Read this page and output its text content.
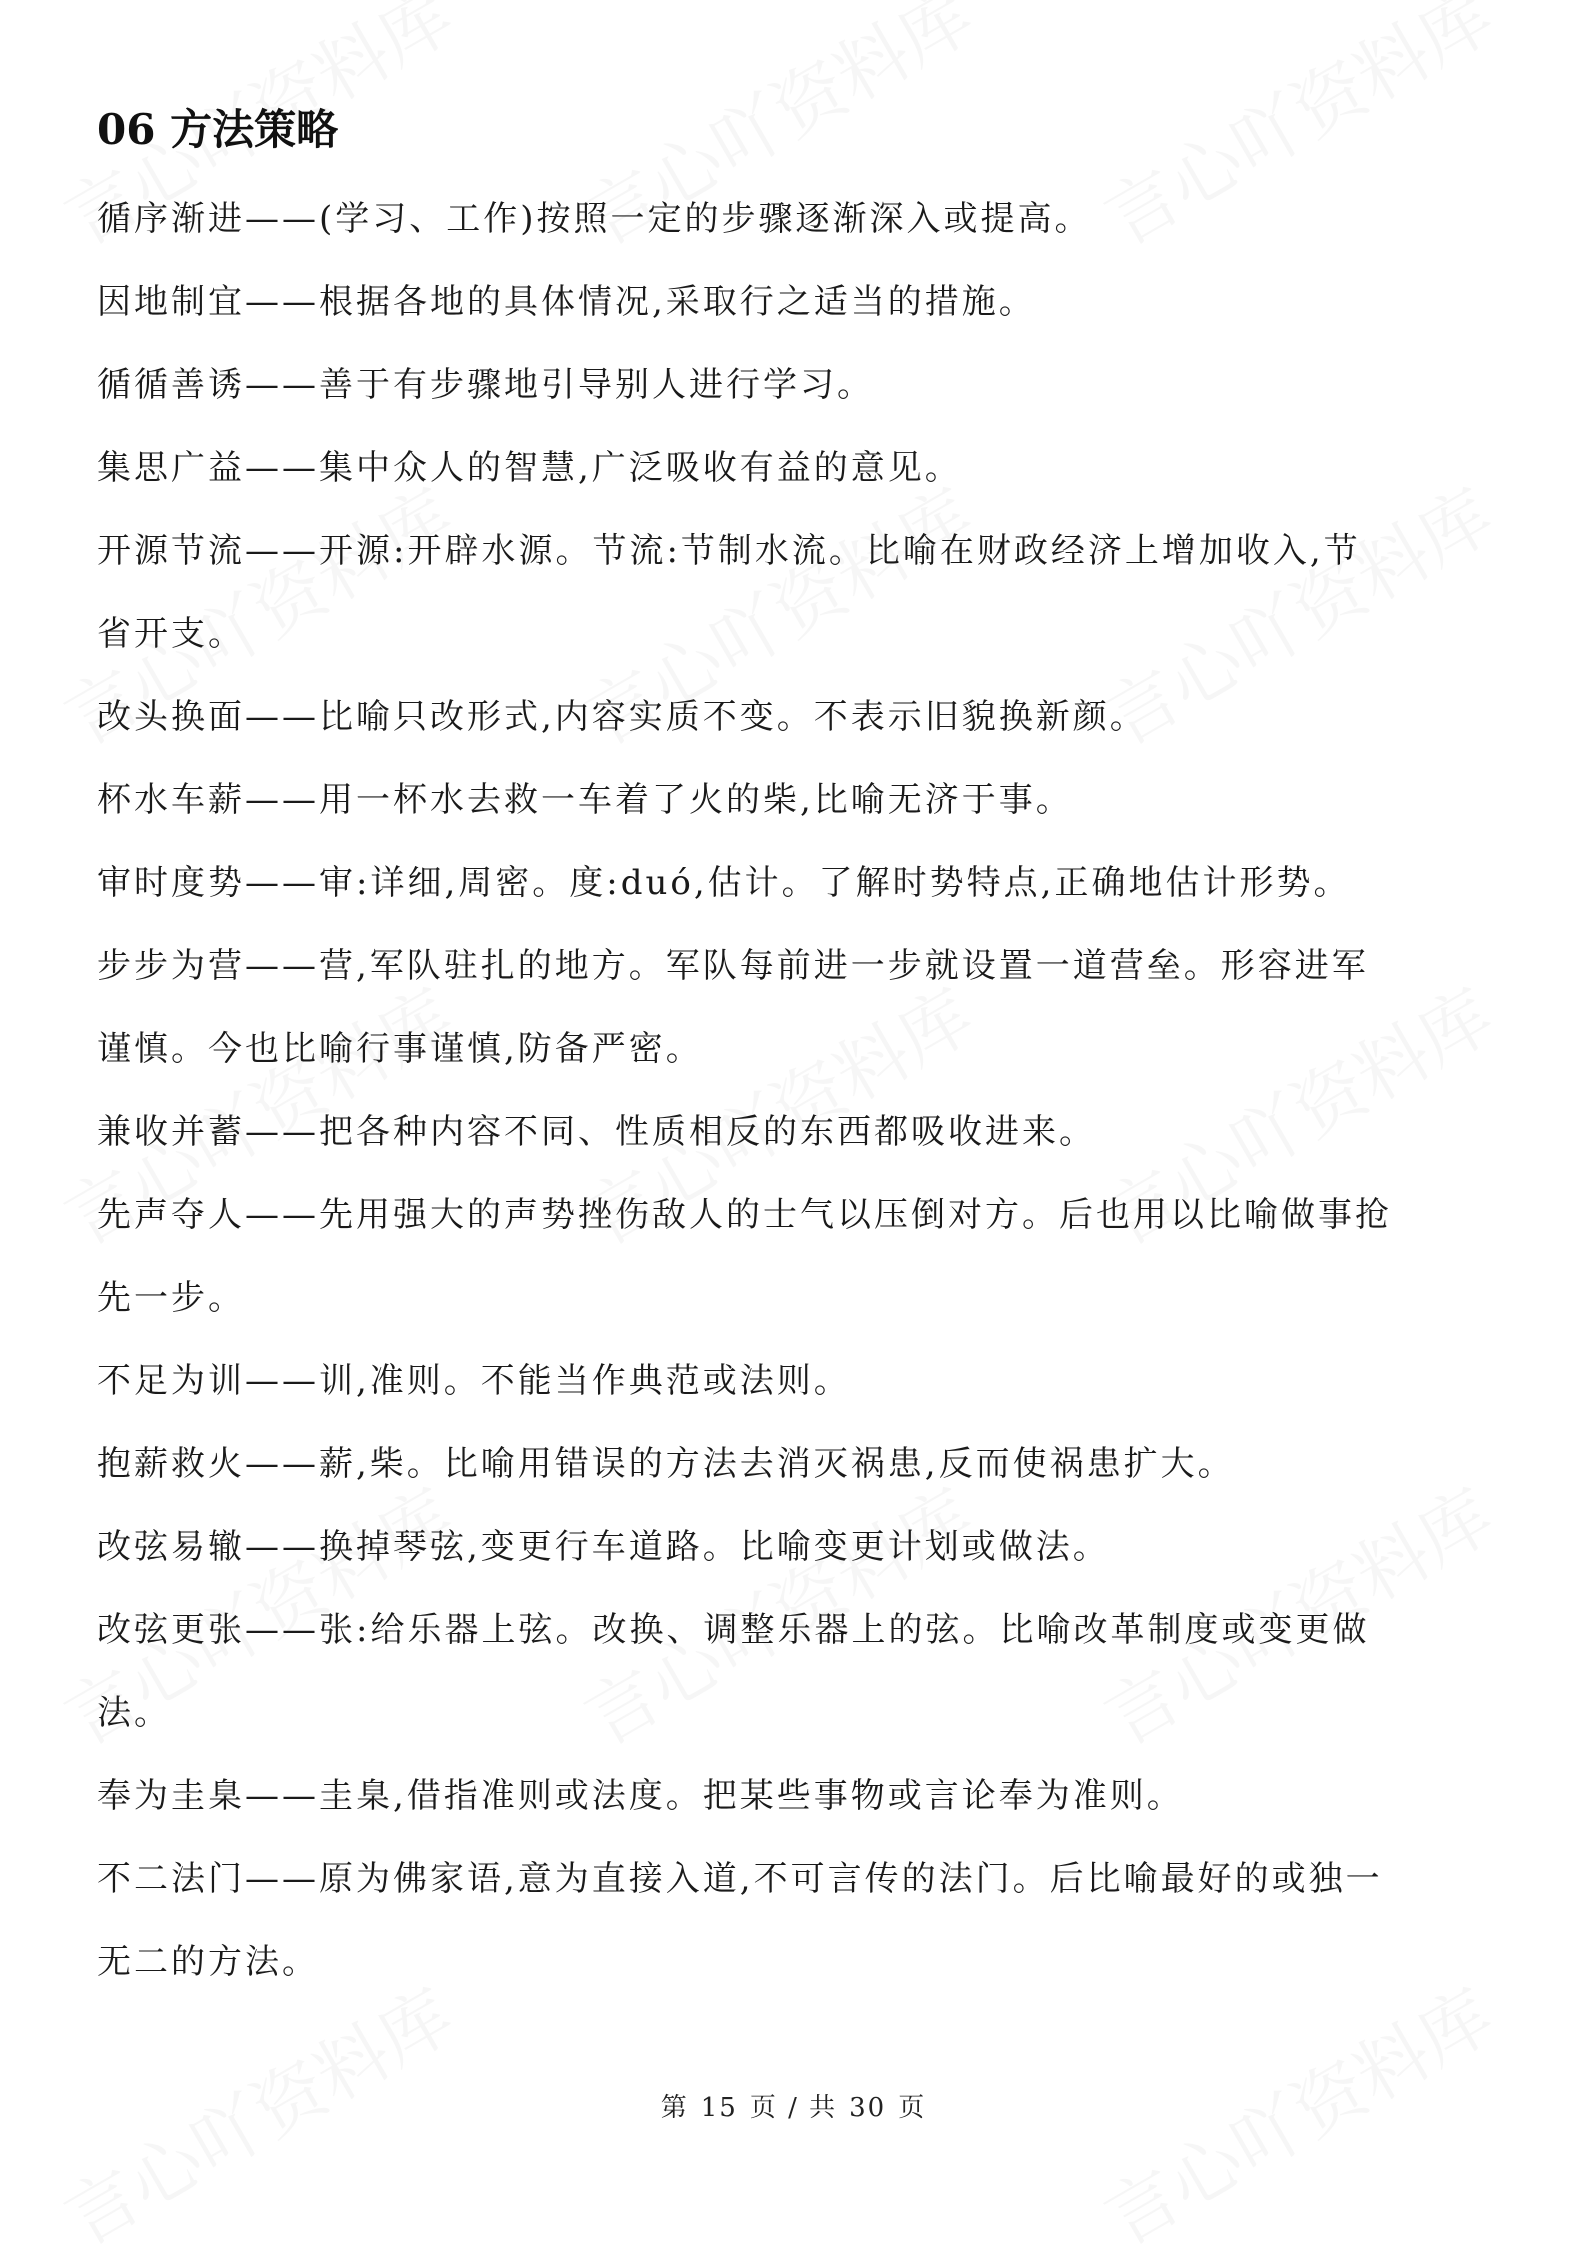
06 方法策略

循序渐进——(学习、工作)按照一定的步骤逐渐深入或提高。

因地制宜——根据各地的具体情况,采取行之适当的措施。

循循善诱——善于有步骤地引导别人进行学习。

集思广益——集中众人的智慧,广泛吸收有益的意见。

开源节流——开源:开辟水源。节流:节制水流。比喻在财政经济上增加收入,节

省开支。

改头换面——比喻只改形式,内容实质不变。不表示旧貌换新颜。

杯水车薪——用一杯水去救一车着了火的柴,比喻无济于事。

审时度势——审:详细,周密。度:duó,估计。了解时势特点,正确地估计形势。

步步为营——营,军队驻扎的地方。军队每前进一步就设置一道营垒。形容进军

谨慎。今也比喻行事谨慎,防备严密。

兼收并蓄——把各种内容不同、性质相反的东西都吸收进来。

先声夺人——先用强大的声势挫伤敌人的士气以压倒对方。后也用以比喻做事抢

先一步。

不足为训——训,准则。不能当作典范或法则。

抱薪救火——薪,柴。比喻用错误的方法去消灭祸患,反而使祸患扩大。

改弦易辙——换掉琴弦,变更行车道路。比喻变更计划或做法。

改弦更张——张:给乐器上弦。改换、调整乐器上的弦。比喻改革制度或变更做

法。

奉为圭臬——圭臬,借指准则或法度。把某些事物或言论奉为准则。

不二法门——原为佛家语,意为直接入道,不可言传的法门。后比喻最好的或独一

无二的方法。

第 15 页 / 共 30 页
